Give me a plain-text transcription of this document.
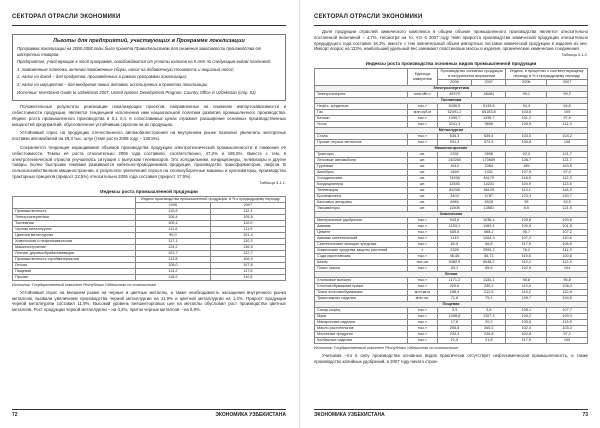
СЕКТОРАЛ ОТРАСЛИ ЭКОНОМИКИ
Льготы для предприятий, участвующих в Программе локализации

Программа локализации на 2006-2008 годы была принята Правительством для снижения зависимости производства от импортных товаров.

Предприятия, участвующие в этой программе, освобождаются от уплаты налогов на 5 лет по следующим видам платежей:

1. таможенные платежи, включая таможенные сборы, налог на добавленную стоимость и акцизный налог;

2. налог на доход – для продуктов, произведенных в рамках программы локализации;

3. налог на имущество – для внедрения новых активов, используемых в проектах локализации

Источник: Investment Guide to Uzbekistan 2007, United Nations Development Program, Country Office in Uzbekistan (стр. 63)

Положительные результаты реализации локализующих проектов, направленных на снижение импортозависимости и себестоимости продукции, являются тенденцией исполнения ими национальной политики развития промышленного производства. Индекс роста промышленного производства в 6,1 п.п. в сопоставимых ценах отражает расширение основных производственных мощностей предприятий, обусловленное устойчивым спросом на их продукцию.

Устойчивый спрос на продукцию отечественного автомобилестроения на внутреннем рынке позволил увеличить экспортные поставки автомобилей на 29,3 тыс. штук (темп роста 2008 году – 138,5%).

Сохраняется тенденция наращивания объемов производства продукции электротехнической промышленности и снижения её себестоимости. Темпы её роста относительно 2006 года составили, соответственно, 47,2% и 185,5%. Вместе с тем, в электротехнической отрасли улучшилась ситуация с выпуском телевизоров. Это холодильники, кондиционеры, телевизоры и другие товары. Более быстрыми темпами развиваются кабельно-проводниковая продукция, производство трансформаторов, лифтов. В сельскохозяйственном машиностроении, в результате увеличения спроса на хлопкоуборочные машины и культиваторы, производство тракторных прицепов (прирост 22,5%) относительно 2006 года составил (прирост 17,5%).

Таблица 5.1.1.
Индексы роста промышленной продукции
	Индекс производства промышленной продукции, в % к предыдущему периоду	
	2006	2007
Промышленность	110,8	112,1
Электроэнергетика	106,4	105,8
Топливная	105,1	110,0
Черная металлургия	111,6	111,9
Цветная металлургия	99,0	101,4
Химическая и нефтехимическая	117,1	110,3
Машиностроение	124,2	136,5
Лесная, деревообрабатывающая	122,7	122,7
Промышленность стройматериалов	113,8	106,9
Легкая	108,0	107,6
Пищевая	113,2	117,6
Прочие	118,9	110,8
Источник: Государственный комитет Республики Узбекистан по статистике

Устойчивый спрос на внешнем рынке на черные и цветные металлы, а также необходимость насыщения внутреннего рынка металлом, вызвали увеличение производства черной металлургии на 11,9% и цветной металлургии на 1,4%. Прирост продукции черной металлургии составил 11,9%. Высокий уровень внешнеторговых цен на металлы обусловил рост производства цветных металлов. Рост продукции черной металлургии – на 4,2%, приток черных металлов – на 5,8%.

72	ЭКОНОМИКА УЗБЕКИСТАНА
СЕКТОРАЛ ОТРАСЛИ ЭКОНОМИКИ

Доля продукции отраслей химического комплекса в общем объеме промышленного производства является относительно постоянной величиной – 4,7%. Несмотря на то, что в 2007 году темп прироста производства химической продукции относительно предыдущего года составил 18,3%, вместе с тем значительный объем импортных поставок химической продукции в изделия из нее. Импорт возрос на 113%, наибольший удельный вес занимают пластиковые массы и изделия, органические химические соединения.

Таблица 5.1.2.
Индексы роста производства основных видов промышленной продукции
	Единица измерения	Производство основных продукции в натуральном выражении		Индекс, в процентах к соответствующему периоду в % к предыдущему периоду	
		2006	2007	2006	2007
Электроэнергетика					
Электроэнергия	млн.кВт.ч	49379	48481	99,1	99,3
Топливная					
Нефть, конденсат	тыс.т	5436,5	5133,6	94,4	94,6
Газ	млн.куб.м	62491,2	65183,8	103,6	105
Бензин	тыс.т	1399,7	1335,7	101,2	97,9
Уголь	тыс.т	3241,3	3606	105,5	111,3
Металлургия					
Сталь	тыс.т	635,3	639,4	103,5	104,2
Прокат черных металлов	тыс.т	531,3	572,5	105,8	108
Машиностроение					
Тракторы	шт.	2331	2836	92,3	121,7
Легковые автомобили	шт.	140260	170669	138,7	121,7
Грузовые	шт.	1613	2384	185	163,5
Автобусы	шт.	1469	1431	107,5	97,4
Холодильники	шт.	74938	84179	118,6	112,3
Кондиционеры	шт.	12530	14231	104,9	113,6
Телевизоры	шт.	81258	96125	113,1	118,3
Бронежилеты	шт.	3403	4787	123,3	140,7
Кассовые аппараты	шт.	6984	6528	95	93,5
Экскаваторы	шт.	11508	13581	8,5	121,5
Химическая					
Минеральные удобрения	тыс.т	943,6	1036,1	109,8	109,8
Аммиак	тыс.т	1153,1	1160,4	100,6	101,5
Цемент	тыс.т	535,5	668,2	95,7	107,2
Аммиак синтетический	тыс.т	1143	1264,3	107,2	110,6
Синтетические моющие средства	тыс.т	62,5	66,8	117,5	106,9
Химические средства защиты растений	т	2329	2592,2	76,2	111,3
Сода каустическая	тыс.т	46,45	46,71	115,6	100,6
Шины	тыс.шт	5382,9	6048,2	110,2	112,4
Пласт. масса	тыс.т	63,1	65,6	102,9	104
Легкая					
Хлопковое волокно	тыс.т	1171,2	1134,1	98,8	96,8
Хлопчатобумажная пряжа	тыс.т	220,6	239,1	110,4	108,4
Ткани хлопчатобумажные	млн.кв.м	188,4	212,5	113,2	112,8
Трикотажные изделия	млн.шт.	71,8	75,1	105,7	104,6
Пищевая					
Сахар-сырец	тыс.т	3,3	3,6	105,1	107,7
Мука	тыс.т	1058,8	1157,3	109,2	109,3
Макаронные изделия	тыс.т	17,8	20,2	105,8	113,5
Масло растительное	тыс.т	256,8	265,3	102,4	103,3
Молочные продукты	тыс.т	233,3	226,8	102,8	97,2
Колбасные изделия	тыс.т	21,5	21,8	117,5	105
Источник: Государственный комитет Республики Узбекистан по статистике

Учитывая, что в силу производства основных видов практически отсутствует нефтехимическая промышленность, а также производство калийных удобрений, в 2007 году начато строи-

ЭКОНОМИКА УЗБЕКИСТАНА	73
